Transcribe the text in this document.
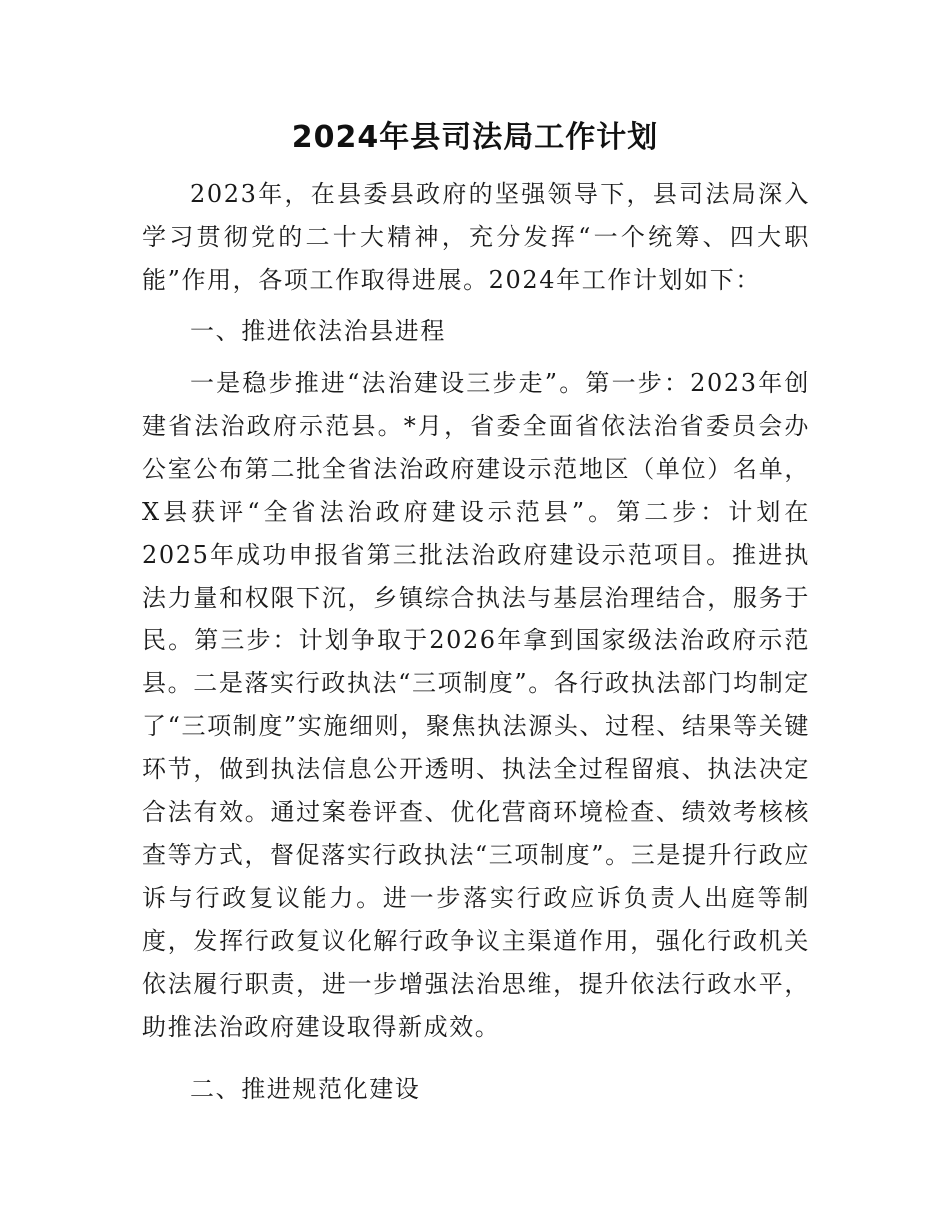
2024年县司法局工作计划

2023年，在县委县政府的坚强领导下，县司法局深入学习贯彻党的二十大精神，充分发挥“一个统筹、四大职能”作用，各项工作取得进展。2024年工作计划如下：

一、推进依法治县进程

一是稳步推进“法治建设三步走”。第一步：2023年创建省法治政府示范县。*月，省委全面省依法治省委员会办公室公布第二批全省法治政府建设示范地区（单位）名单，X县获评“全省法治政府建设示范县”。第二步：计划在2025年成功申报省第三批法治政府建设示范项目。推进执法力量和权限下沉，乡镇综合执法与基层治理结合，服务于民。第三步：计划争取于2026年拿到国家级法治政府示范县。二是落实行政执法“三项制度”。各行政执法部门均制定了“三项制度”实施细则，聚焦执法源头、过程、结果等关键环节，做到执法信息公开透明、执法全过程留痕、执法决定合法有效。通过案卷评查、优化营商环境检查、绩效考核核查等方式，督促落实行政执法“三项制度”。三是提升行政应诉与行政复议能力。进一步落实行政应诉负责人出庭等制度，发挥行政复议化解行政争议主渠道作用，强化行政机关依法履行职责，进一步增强法治思维，提升依法行政水平，助推法治政府建设取得新成效。

二、推进规范化建设
